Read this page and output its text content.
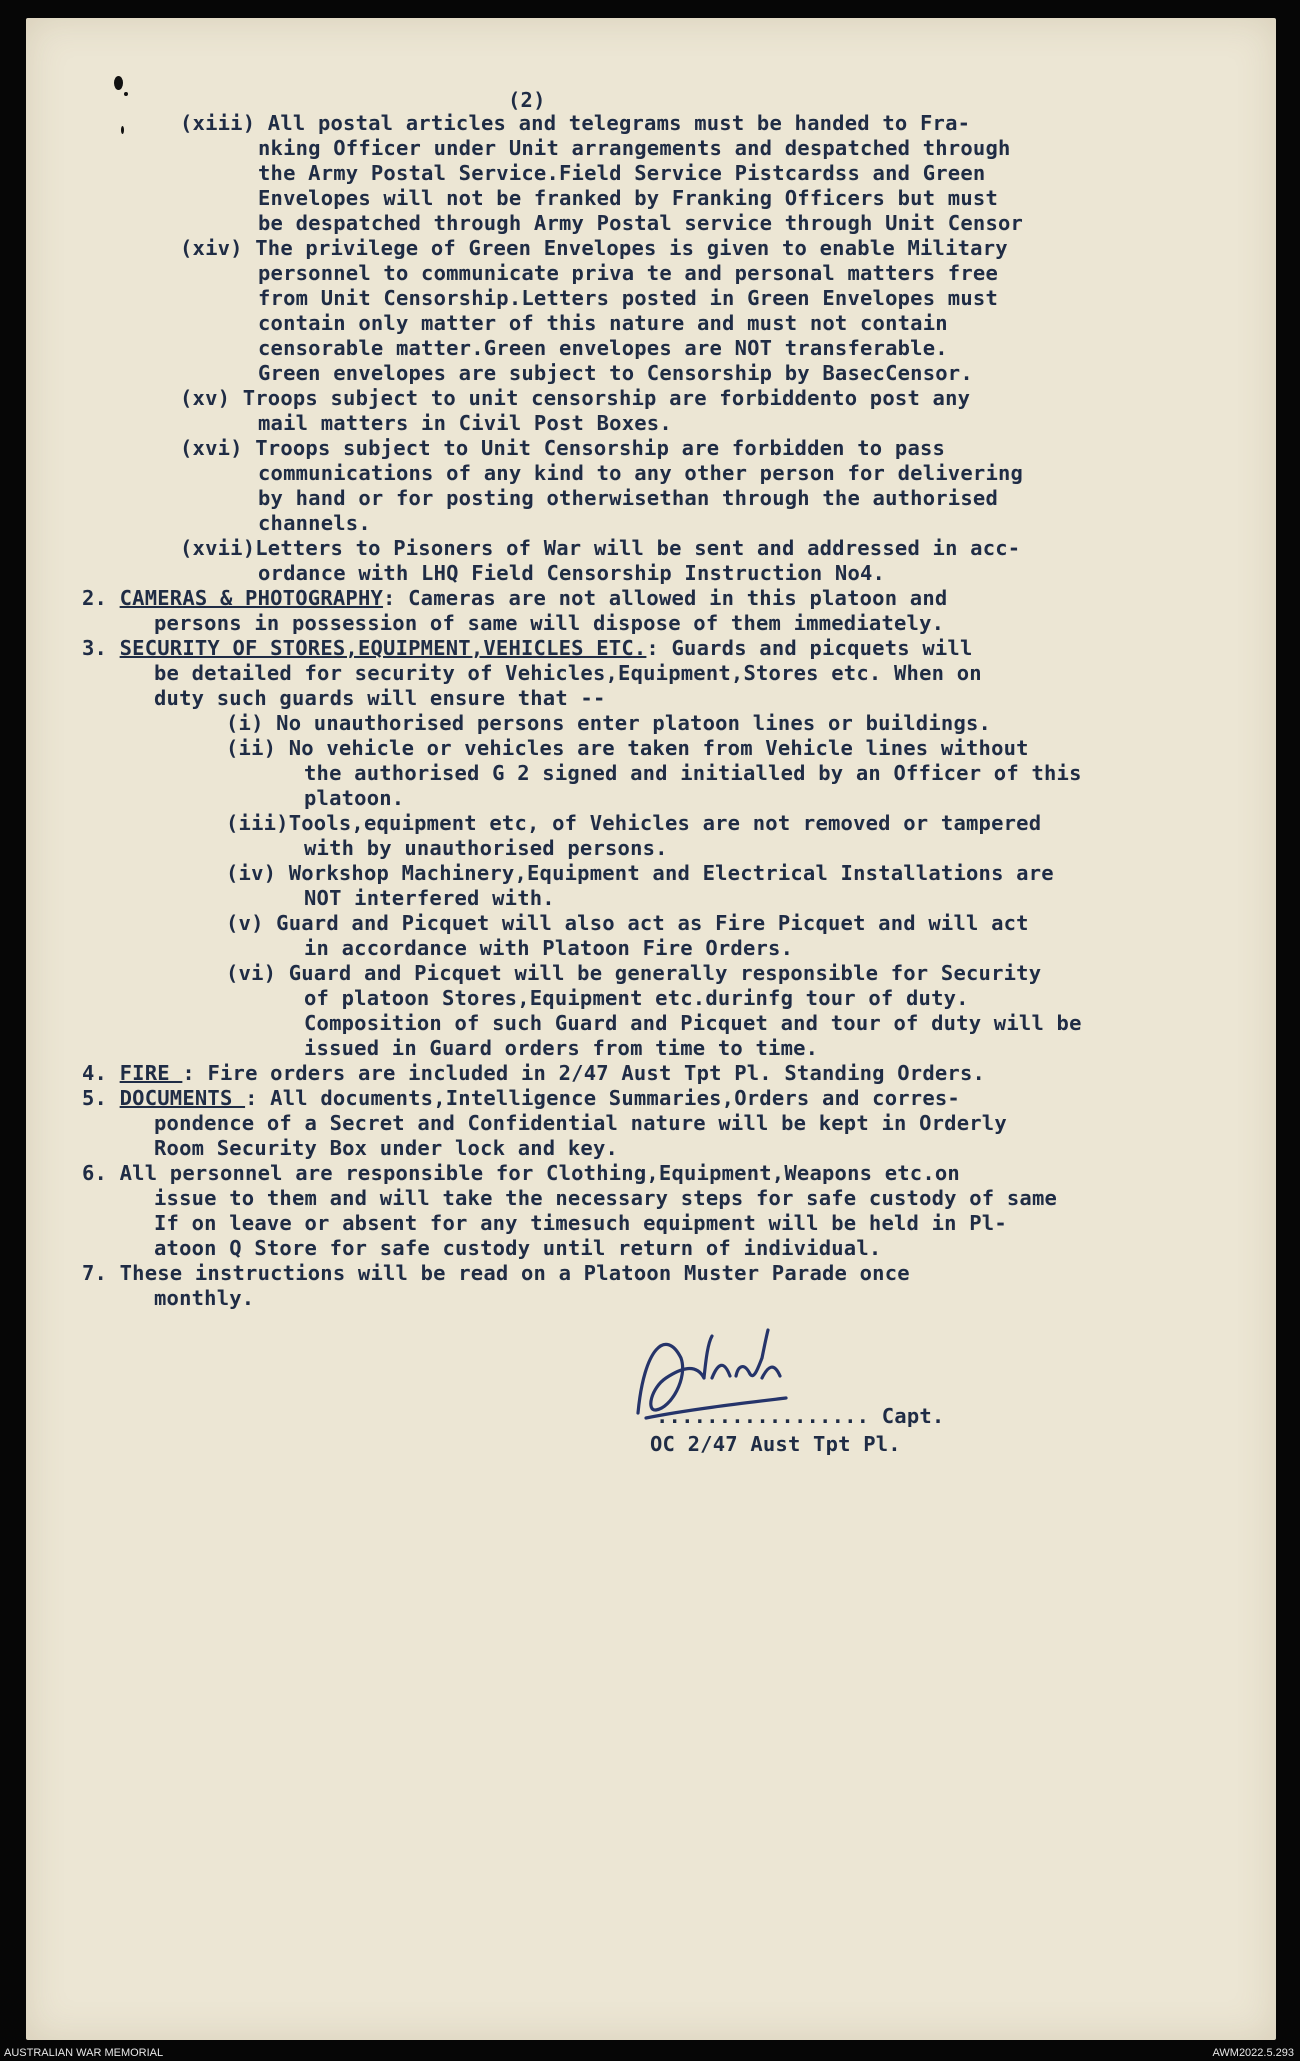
(2)
(xiii) All postal articles and telegrams must be handed to Fra-
nking Officer under Unit arrangements and despatched through
the Army Postal Service.Field Service Pistcardss and Green
Envelopes will not be franked by Franking Officers but must
be despatched through Army Postal service through Unit Censor
(xiv) The privilege of Green Envelopes is given to enable Military
personnel to communicate priva te and personal matters free
from Unit Censorship.Letters posted in Green Envelopes must
contain only matter of this nature and must not contain
censorable matter.Green envelopes are NOT transferable.
Green envelopes are subject to Censorship by BasecCensor.
(xv) Troops subject to unit censorship are forbiddento post any
mail matters in Civil Post Boxes.
(xvi) Troops subject to Unit Censorship are forbidden to pass
communications of any kind to any other person for delivering
by hand or for posting otherwisethan through the authorised
channels.
(xvii)Letters to Pisoners of War will be sent and addressed in acc-
ordance with LHQ Field Censorship Instruction No4.
2. CAMERAS & PHOTOGRAPHY: Cameras are not allowed in this platoon and
persons in possession of same will dispose of them immediately.
3. SECURITY OF STORES,EQUIPMENT,VEHICLES ETC.: Guards and picquets will
be detailed for security of Vehicles,Equipment,Stores etc. When on
duty such guards will ensure that --
(i) No unauthorised persons enter platoon lines or buildings.
(ii) No vehicle or vehicles are taken from Vehicle lines without
the authorised G 2 signed and initialled by an Officer of this
platoon.
(iii)Tools,equipment etc, of Vehicles are not removed or tampered
with by unauthorised persons.
(iv) Workshop Machinery,Equipment and Electrical Installations are
NOT interfered with.
(v) Guard and Picquet will also act as Fire Picquet and will act
in accordance with Platoon Fire Orders.
(vi) Guard and Picquet will be generally responsible for Security
of platoon Stores,Equipment etc.durinfg tour of duty.
Composition of such Guard and Picquet and tour of duty will be
issued in Guard orders from time to time.
4. FIRE : Fire orders are included in 2/47 Aust Tpt Pl. Standing Orders.
5. DOCUMENTS : All documents,Intelligence Summaries,Orders and corres-
pondence of a Secret and Confidential nature will be kept in Orderly
Room Security Box under lock and key.
6. All personnel are responsible for Clothing,Equipment,Weapons etc.on
issue to them and will take the necessary steps for safe custody of same
If on leave or absent for any timesuch equipment will be held in Pl-
atoon Q Store for safe custody until return of individual.
7. These instructions will be read on a Platoon Muster Parade once
monthly.
................. Capt.
OC 2/47 Aust Tpt Pl.
AUSTRALIAN WAR MEMORIAL	AWM2022.5.293
